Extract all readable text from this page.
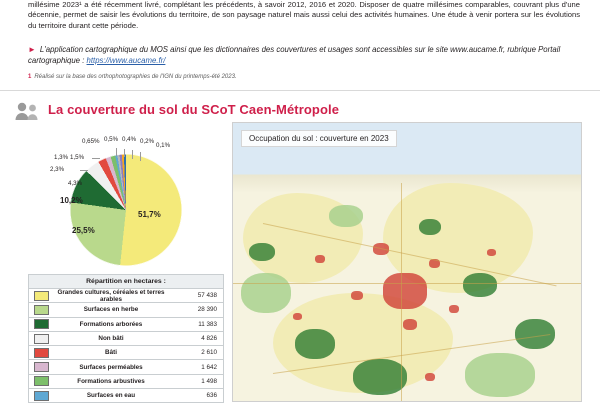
millésime 2023¹ a été récemment livré, complétant les précédents, à savoir 2012, 2016 et 2020. Disposer de quatre millésimes comparables, couvrant plus d'une décennie, permet de saisir les évolutions du territoire, de son paysage naturel mais aussi celui des activités humaines. Une étude à venir portera sur les évolutions du territoire durant cette période.

► L'application cartographique du MOS ainsi que les dictionnaires des couvertures et usages sont accessibles sur le site www.aucame.fr, rubrique Portail cartographique : https://www.aucame.fr/
1 Réalisé sur la base des orthophotographies de l'IGN du printemps-été 2023.
La couverture du sol du SCoT Caen-Métropole
0,65% 0,5% 0,4% 0,2%
0,1%
1,3% 1,5%
2,3%
4,3%
10,2%
25,5%
51,7%
Répartition en hectares :
Grandes cultures, céréales et terres arables
57 438
Surfaces en herbe	28 390
Formations arborées	11 383
Non bâti	4 826
Bâti	2 610
Surfaces perméables	1 642
Formations arbustives	1 498
Surfaces en eau	636
Occupation du sol : couverture en 2023
